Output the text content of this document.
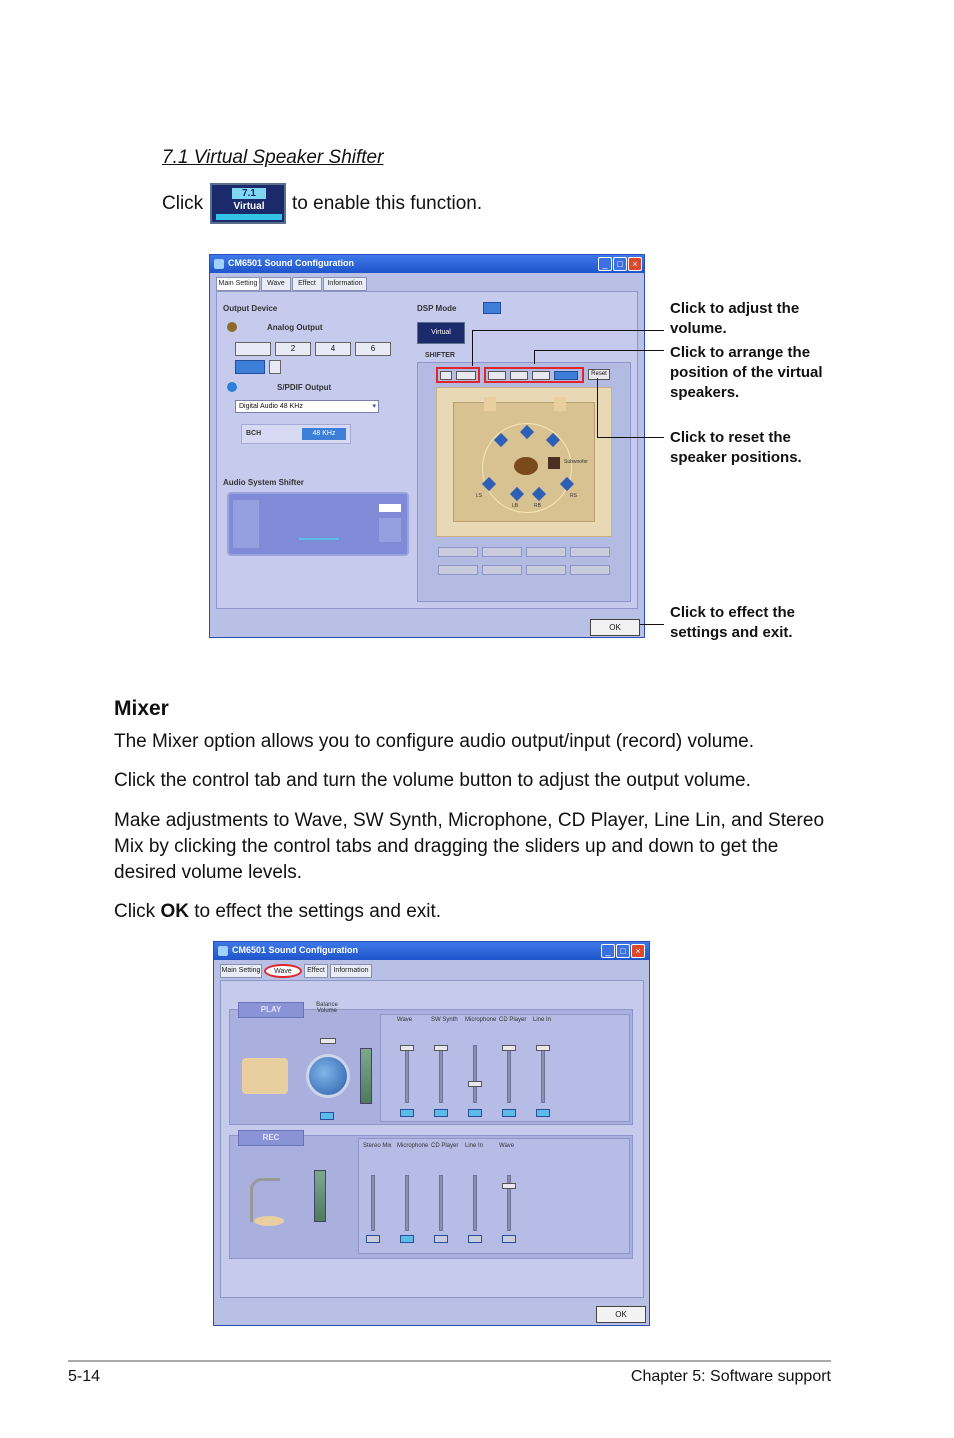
7.1 Virtual Speaker Shifter
Click	to enable this function.
7.1
Virtual
CM6501 Sound Configuration	_	□	×
Main Setting	Wave	Effect	Information
Output Device
Analog Output
2	4	6
S/PDIF Output
Digital Audio 48 KHz	▾
BCH	48 KHz
Audio System Shifter
DSP Mode
Virtual
SHIFTER
Reset
Subwoofer
LS	RS
LB	RB
OK
Click to adjust the volume.
Click to arrange the position of the virtual speakers.
Click to reset the speaker positions.
Click to effect the settings and exit.
Mixer
The Mixer option allows you to configure audio output/input (record) volume.
Click the control tab and turn the volume button to adjust the output volume.
Make adjustments to Wave, SW Synth, Microphone, CD Player, Line Lin, and Stereo Mix by clicking the control tabs and dragging the sliders up and down to get the desired volume levels.
Click OK to effect the settings and exit.
CM6501 Sound Configuration	_	□	×
Main Setting	Wave	Effect	Information
PLAY	Balance Volume
Wave	SW Synth Microphone CD Player Line In
REC
Stereo Mix Microphone CD Player Line In	Wave
OK
5-14	Chapter 5: Software support
